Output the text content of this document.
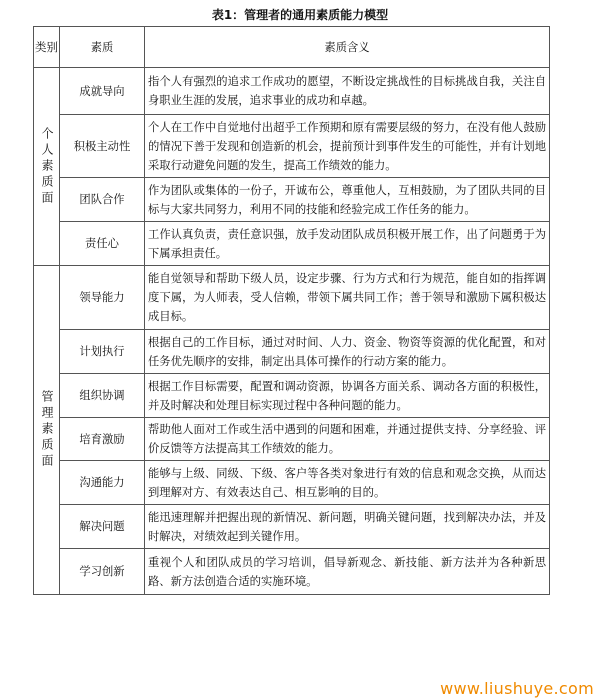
表1：管理者的通用素质能力模型
类别	素质	素质含义
个人素质面	成就导向	指个人有强烈的追求工作成功的愿望，不断设定挑战性的目标挑战自我，关注自身职业生涯的发展，追求事业的成功和卓越。
	积极主动性	个人在工作中自觉地付出超乎工作预期和原有需要层级的努力，在没有他人鼓励的情况下善于发现和创造新的机会，提前预计到事件发生的可能性，并有计划地采取行动避免问题的发生，提高工作绩效的能力。
	团队合作	作为团队或集体的一份子，开诚布公，尊重他人，互相鼓励，为了团队共同的目标与大家共同努力，利用不同的技能和经验完成工作任务的能力。
	责任心	工作认真负责，责任意识强，放手发动团队成员积极开展工作，出了问题勇于为下属承担责任。
管理素质面	领导能力	能自觉领导和帮助下级人员，设定步骤、行为方式和行为规范，能自如的指挥调度下属，为人师表，受人信赖，带领下属共同工作；善于领导和激励下属积极达成目标。
	计划执行	根据自己的工作目标，通过对时间、人力、资金、物资等资源的优化配置，和对任务优先顺序的安排，制定出具体可操作的行动方案的能力。
	组织协调	根据工作目标需要，配置和调动资源，协调各方面关系、调动各方面的积极性，并及时解决和处理目标实现过程中各种问题的能力。
	培育激励	帮助他人面对工作或生活中遇到的问题和困难，并通过提供支持、分享经验、评价反馈等方法提高其工作绩效的能力。
	沟通能力	能够与上级、同级、下级、客户等各类对象进行有效的信息和观念交换，从而达到理解对方、有效表达自己、相互影响的目的。
	解决问题	能迅速理解并把握出现的新情况、新问题，明确关键问题，找到解决办法，并及时解决，对绩效起到关键作用。
	学习创新	重视个人和团队成员的学习培训，倡导新观念、新技能、新方法并为各种新思路、新方法创造合适的实施环境。
www.liushuye.com
